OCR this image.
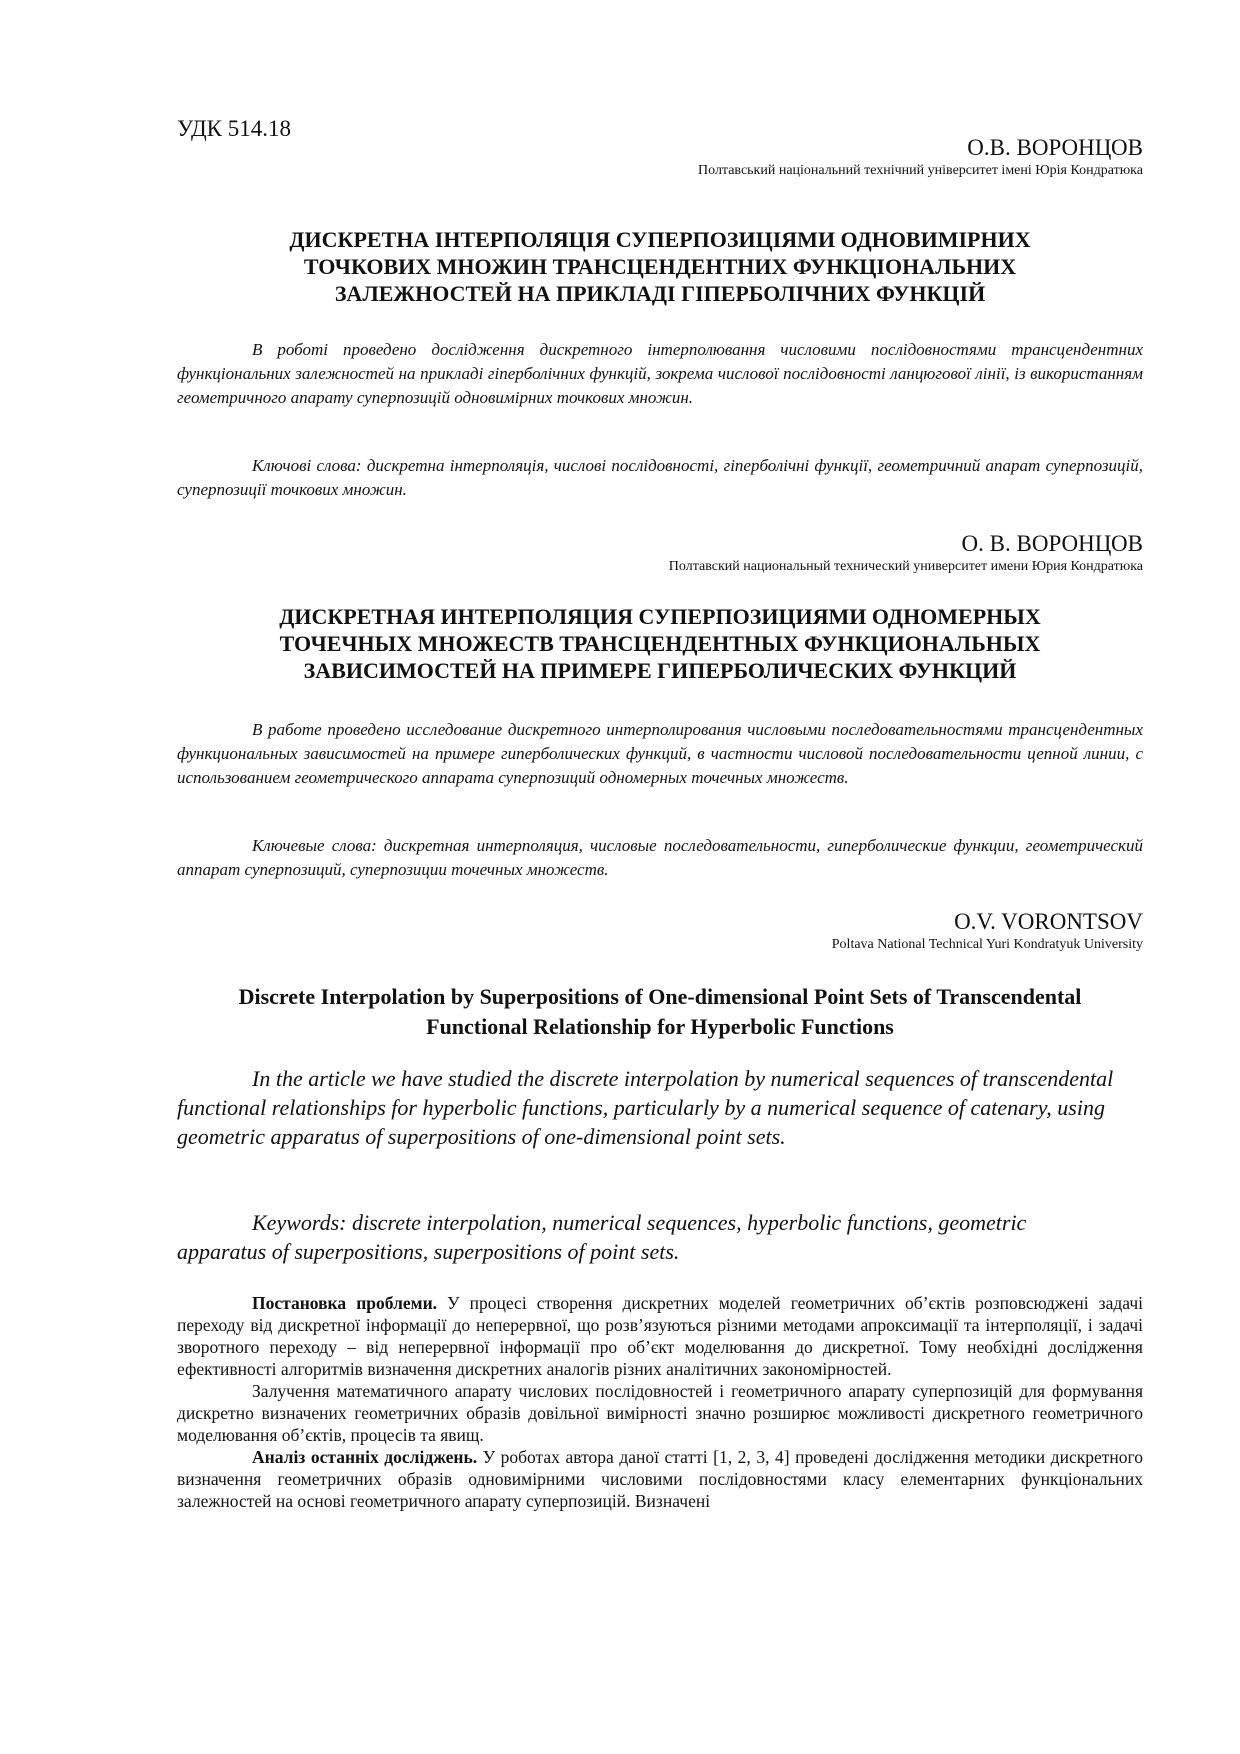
УДК 514.18
О.В. ВОРОНЦОВ
Полтавський національний технічний університет імені Юрія Кондратюка

ДИСКРЕТНА ІНТЕРПОЛЯЦІЯ СУПЕРПОЗИЦІЯМИ ОДНОВИМІРНИХ

ТОЧКОВИХ МНОЖИН ТРАНСЦЕНДЕНТНИХ ФУНКЦІОНАЛЬНИХ

ЗАЛЕЖНОСТЕЙ НА ПРИКЛАДІ ГІПЕРБОЛІЧНИХ ФУНКЦІЙ

В роботі проведено дослідження дискретного інтерполювання числовими послідовностями трансцендентних функціональних залежностей на прикладі гіперболічних функцій, зокрема числової послідовності ланцюгової лінії, із використанням геометричного апарату суперпозицій одновимірних точкових множин.

Ключові слова: дискретна інтерполяція, числові послідовності, гіперболічні функції, геометричний апарат суперпозицій, суперпозиції точкових множин.

О. В. ВОРОНЦОВ
Полтавский национальный технический университет имени Юрия Кондратюка

ДИСКРЕТНАЯ ИНТЕРПОЛЯЦИЯ СУПЕРПОЗИЦИЯМИ ОДНОМЕРНЫХ

ТОЧЕЧНЫХ МНОЖЕСТВ ТРАНСЦЕНДЕНТНЫХ ФУНКЦИОНАЛЬНЫХ

ЗАВИСИМОСТЕЙ НА ПРИМЕРЕ ГИПЕРБОЛИЧЕСКИХ ФУНКЦИЙ

В работе проведено исследование дискретного интерполирования числовыми последовательностями трансцендентных функциональных зависимостей на примере гиперболических функций, в частности числовой последовательности цепной линии, с использованием геометрического аппарата суперпозиций одномерных точечных множеств.

Ключевые слова: дискретная интерполяция, числовые последовательности, гиперболические функции, геометрический аппарат суперпозиций, суперпозиции точечных множеств.

O.V. VORONTSOV
Poltava National Technical Yuri Kondratyuk University

Discrete Interpolation by Superpositions of One-dimensional Point Sets of Transcendental

Functional Relationship for Hyperbolic Functions

In the article we have studied the discrete interpolation by numerical sequences of transcendental functional relationships for hyperbolic functions, particularly by a numerical sequence of catenary, using geometric apparatus of superpositions of one-dimensional point sets.

Keywords: discrete interpolation, numerical sequences, hyperbolic functions, geometric apparatus of superpositions, superpositions of point sets.

Постановка проблеми. У процесі створення дискретних моделей геометричних об’єктів розповсюджені задачі переходу від дискретної інформації до неперервної, що розв’язуються різними методами апроксимації та інтерполяції, і задачі зворотного переходу – від неперервної інформації про об’єкт моделювання до дискретної. Тому необхідні дослідження ефективності алгоритмів визначення дискретних аналогів різних аналітичних закономірностей.

Залучення математичного апарату числових послідовностей і геометричного апарату суперпозицій для формування дискретно визначених геометричних образів довільної вимірності значно розширює можливості дискретного геометричного моделювання об’єктів, процесів та явищ.

Аналіз останніх досліджень. У роботах автора даної статті [1, 2, 3, 4] проведені дослідження методики дискретного визначення геометричних образів одновимірними числовими послідовностями класу елементарних функціональних залежностей на основі геометричного апарату суперпозицій. Визначені
